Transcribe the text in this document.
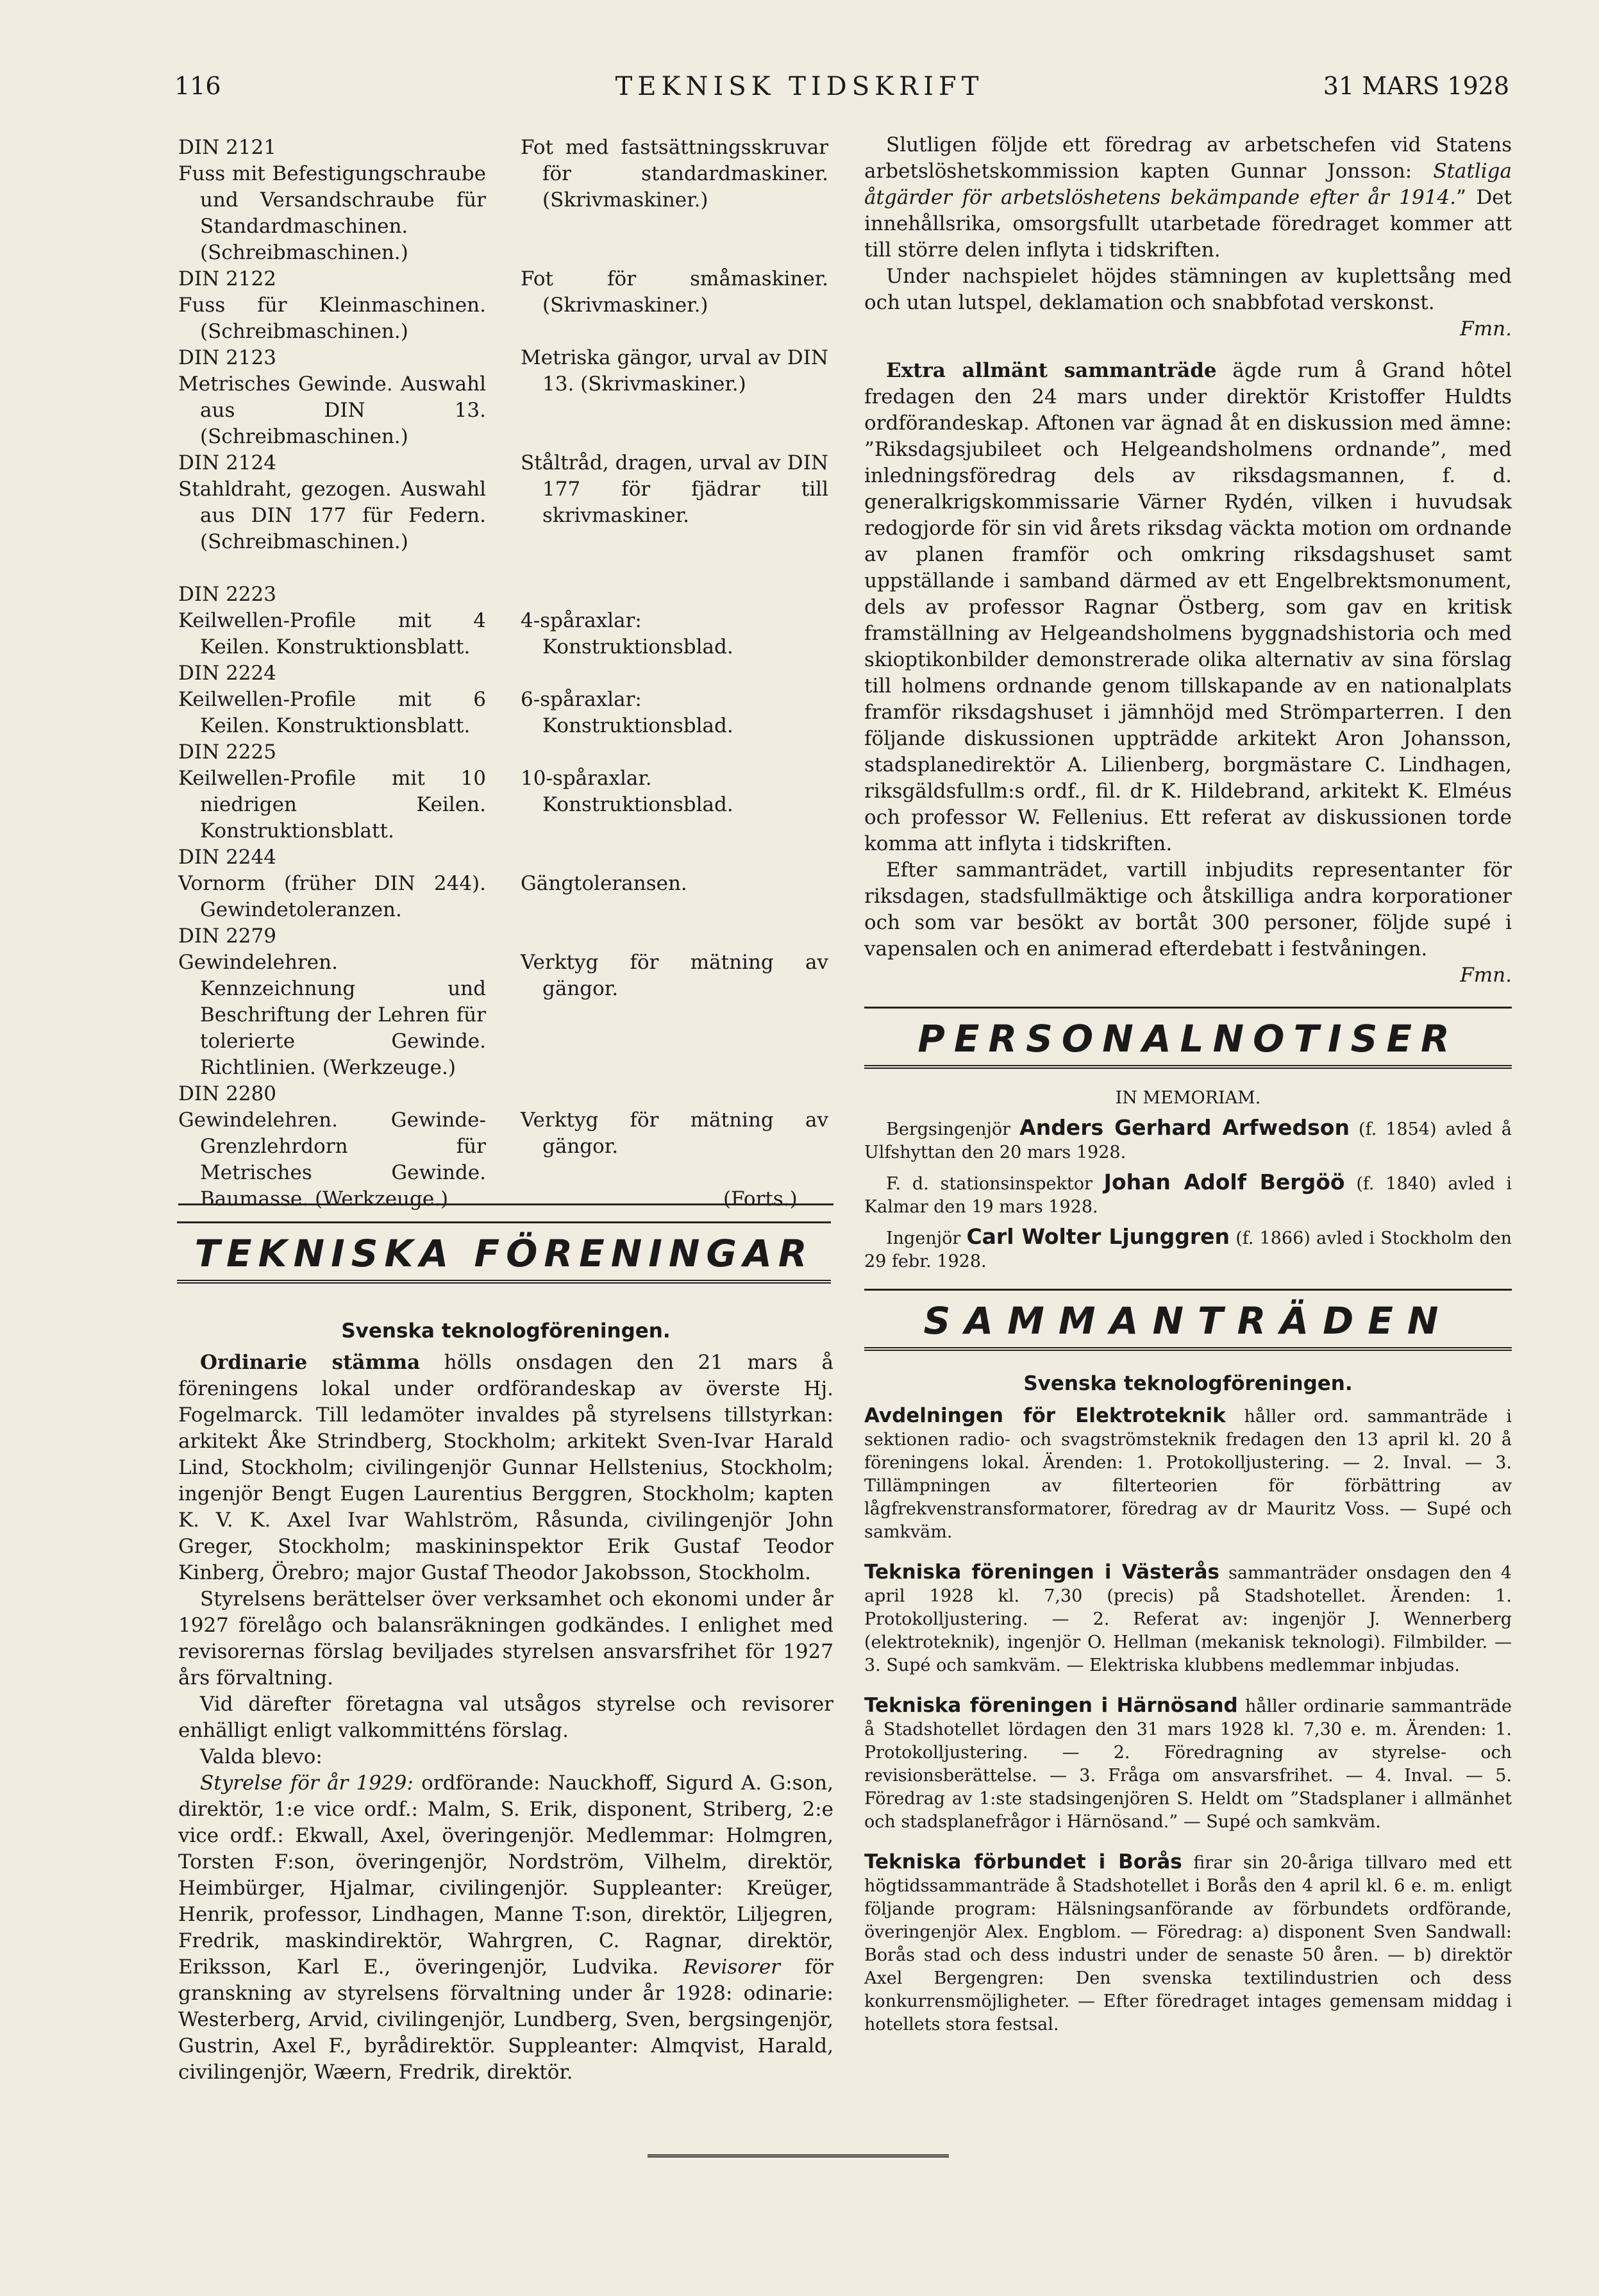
116	TEKNISK TIDSKRIFT	31 MARS 1928

DIN 2121

Fuss mit Befestigungschraube und Versandschraube für Standardmaschinen. (Schreibmaschinen.)

DIN 2122

Fuss für Kleinmaschinen. (Schreibmaschinen.)

DIN 2123

Metrisches Gewinde. Auswahl aus DIN 13. (Schreibmaschinen.)

DIN 2124

Stahldraht, gezogen. Auswahl aus DIN 177 für Federn. (Schreibmaschinen.)

DIN 2223

Keilwellen-Profile mit 4 Keilen. Konstruktionsblatt.

DIN 2224

Keilwellen-Profile mit 6 Keilen. Konstruktionsblatt.

DIN 2225

Keilwellen-Profile mit 10 niedrigen Keilen. Konstruktionsblatt.

DIN 2244

Vornorm (früher DIN 244). Gewindetoleranzen.

DIN 2279

Gewindelehren. Kennzeichnung und Beschriftung der Lehren für tolerierte Gewinde. Richtlinien. (Werkzeuge.)

DIN 2280

Gewindelehren. Gewinde-Grenzlehrdorn für Metrisches Gewinde. Baumasse. (Werkzeuge.)

Fot med fastsättningsskruvar för standardmaskiner. (Skrivmaskiner.)

Fot för småmaskiner. (Skrivmaskiner.)

Metriska gängor, urval av DIN 13. (Skrivmaskiner.)

Ståltråd, dragen, urval av DIN 177 för fjädrar till skrivmaskiner.

4-spåraxlar: Konstruktionsblad.

6-spåraxlar: Konstruktionsblad.

10-spåraxlar. Konstruktionsblad.

Gängtoleransen.

Verktyg för mätning av gängor.

Verktyg för mätning av gängor.

(Forts.)
TEKNISKA FÖRENINGAR

Svenska teknologföreningen.

Ordinarie stämma hölls onsdagen den 21 mars å föreningens lokal under ordförandeskap av överste Hj. Fogelmarck. Till ledamöter invaldes på styrelsens tillstyrkan: arkitekt Åke Strindberg, Stockholm; arkitekt Sven-Ivar Harald Lind, Stockholm; civilingenjör Gunnar Hellstenius, Stockholm; ingenjör Bengt Eugen Laurentius Berggren, Stockholm; kapten K. V. K. Axel Ivar Wahlström, Råsunda, civilingenjör John Greger, Stockholm; maskininspektor Erik Gustaf Teodor Kinberg, Örebro; major Gustaf Theodor Jakobsson, Stockholm.

Styrelsens berättelser över verksamhet och ekonomi under år 1927 förelågo och balansräkningen godkändes. I enlighet med revisorernas förslag beviljades styrelsen ansvarsfrihet för 1927 års förvaltning.

Vid därefter företagna val utsågos styrelse och revisorer enhälligt enligt valkommitténs förslag.

Valda blevo:

Styrelse för år 1929: ordförande: Nauckhoff, Sigurd A. G:son, direktör, 1:e vice ordf.: Malm, S. Erik, disponent, Striberg, 2:e vice ordf.: Ekwall, Axel, överingenjör. Medlemmar: Holmgren, Torsten F:son, överingenjör, Nordström, Vilhelm, direktör, Heimbürger, Hjalmar, civilingenjör. Suppleanter: Kreüger, Henrik, professor, Lindhagen, Manne T:son, direktör, Liljegren, Fredrik, maskindirektör, Wahrgren, C. Ragnar, direktör, Eriksson, Karl E., överingenjör, Ludvika. Revisorer för granskning av styrelsens förvaltning under år 1928: odinarie: Westerberg, Arvid, civilingenjör, Lundberg, Sven, bergsingenjör, Gustrin, Axel F., byrådirektör. Suppleanter: Almqvist, Harald, civilingenjör, Wæern, Fredrik, direktör.

Slutligen följde ett föredrag av arbetschefen vid Statens arbetslöshetskommission kapten Gunnar Jonsson: Statliga åtgärder för arbetslöshetens bekämpande efter år 1914.” Det innehållsrika, omsorgsfullt utarbetade föredraget kommer att till större delen inflyta i tidskriften.

Under nachspielet höjdes stämningen av kuplettsång med och utan lutspel, deklamation och snabbfotad verskonst.

Fmn.

Extra allmänt sammanträde ägde rum å Grand hôtel fredagen den 24 mars under direktör Kristoffer Huldts ordförandeskap. Aftonen var ägnad åt en diskussion med ämne: ”Riksdagsjubileet och Helgeandsholmens ordnande”, med inledningsföredrag dels av riksdagsmannen, f. d. generalkrigskommissarie Värner Rydén, vilken i huvudsak redogjorde för sin vid årets riksdag väckta motion om ordnande av planen framför och omkring riksdagshuset samt uppställande i samband därmed av ett Engelbrektsmonument, dels av professor Ragnar Östberg, som gav en kritisk framställning av Helgeandsholmens byggnadshistoria och med skioptikonbilder demonstrerade olika alternativ av sina förslag till holmens ordnande genom tillskapande av en nationalplats framför riksdagshuset i jämnhöjd med Strömparterren. I den följande diskussionen uppträdde arkitekt Aron Johansson, stadsplanedirektör A. Lilienberg, borgmästare C. Lindhagen, riksgäldsfullm:s ordf., fil. dr K. Hildebrand, arkitekt K. Elméus och professor W. Fellenius. Ett referat av diskussionen torde komma att inflyta i tidskriften.

Efter sammanträdet, vartill inbjudits representanter för riksdagen, stadsfullmäktige och åtskilliga andra korporationer och som var besökt av bortåt 300 personer, följde supé i vapensalen och en animerad efterdebatt i festvåningen.

Fmn.

PERSONALNOTISER

IN MEMORIAM.

Bergsingenjör Anders Gerhard Arfwedson (f. 1854) avled å Ulfshyttan den 20 mars 1928.

F. d. stationsinspektor Johan Adolf Bergöö (f. 1840) avled i Kalmar den 19 mars 1928.

Ingenjör Carl Wolter Ljunggren (f. 1866) avled i Stockholm den 29 febr. 1928.

SAMMANTRÄDEN

Svenska teknologföreningen.

Avdelningen för Elektroteknik håller ord. sammanträde i sektionen radio- och svagströmsteknik fredagen den 13 april kl. 20 å föreningens lokal. Ärenden: 1. Protokolljustering. — 2. Inval. — 3. Tillämpningen av filterteorien för förbättring av lågfrekvenstransformatorer, föredrag av dr Mauritz Voss. — Supé och samkväm.

Tekniska föreningen i Västerås sammanträder onsdagen den 4 april 1928 kl. 7,30 (precis) på Stadshotellet. Ärenden: 1. Protokolljustering. — 2. Referat av: ingenjör J. Wennerberg (elektroteknik), ingenjör O. Hellman (mekanisk teknologi). Filmbilder. — 3. Supé och samkväm. — Elektriska klubbens medlemmar inbjudas.

Tekniska föreningen i Härnösand håller ordinarie sammanträde å Stadshotellet lördagen den 31 mars 1928 kl. 7,30 e. m. Ärenden: 1. Protokolljustering. — 2. Föredragning av styrelse- och revisionsberättelse. — 3. Fråga om ansvarsfrihet. — 4. Inval. — 5. Föredrag av 1:ste stadsingenjören S. Heldt om ”Stadsplaner i allmänhet och stadsplanefrågor i Härnösand.” — Supé och samkväm.

Tekniska förbundet i Borås firar sin 20-åriga tillvaro med ett högtidssammanträde å Stadshotellet i Borås den 4 april kl. 6 e. m. enligt följande program: Hälsningsanförande av förbundets ordförande, överingenjör Alex. Engblom. — Föredrag: a) disponent Sven Sandwall: Borås stad och dess industri under de senaste 50 åren. — b) direktör Axel Bergengren: Den svenska textilindustrien och dess konkurrensmöjligheter. — Efter föredraget intages gemensam middag i hotellets stora festsal.
